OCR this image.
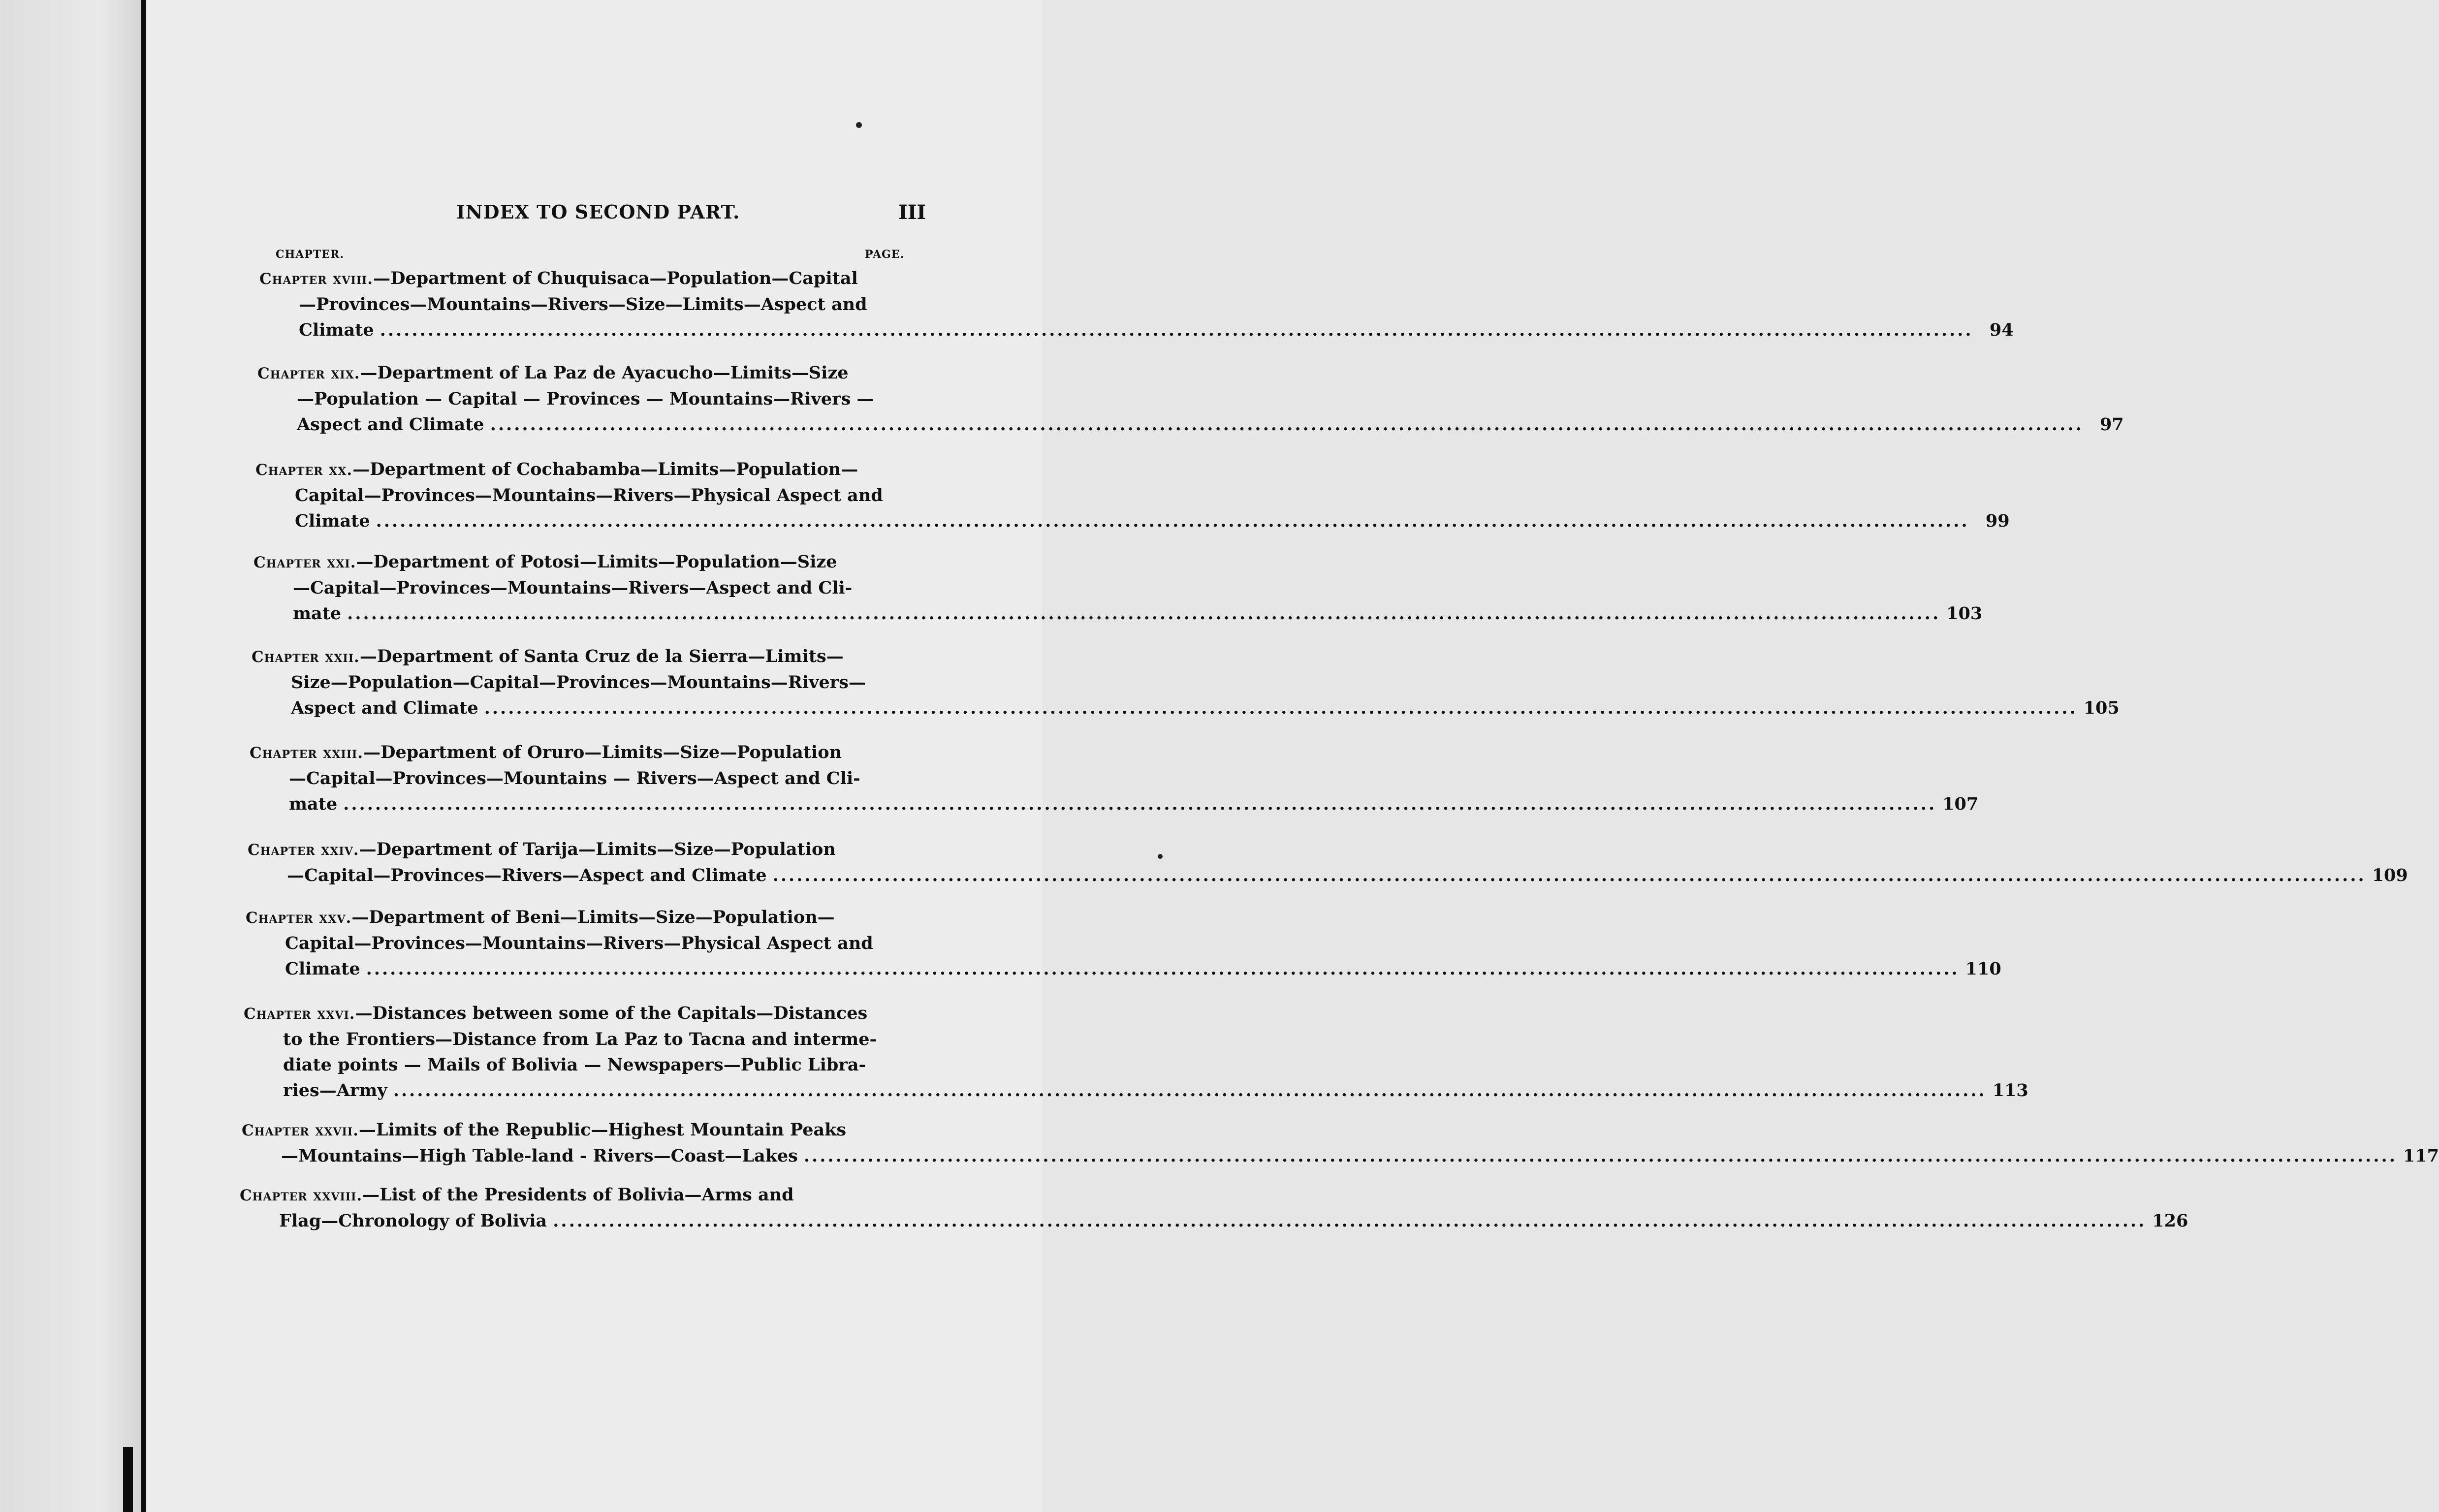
INDEX TO SECOND PART.	III
CHAPTER.	PAGE.
Chapter xviii.—Department of Chuquisaca—Population—Capital
—Provinces—Mountains—Rivers—Size—Limits—Aspect and
Climate ........................................................................................................................................................................................................ 94
Chapter xix.—Department of La Paz de Ayacucho—Limits—Size
—Population — Capital — Provinces — Mountains—Rivers —
Aspect and Climate ........................................................................................................................................................................................................ 97
Chapter xx.—Department of Cochabamba—Limits—Population—
Capital—Provinces—Mountains—Rivers—Physical Aspect and
Climate ........................................................................................................................................................................................................ 99
Chapter xxi.—Department of Potosi—Limits—Population—Size
—Capital—Provinces—Mountains—Rivers—Aspect and Cli-
mate ........................................................................................................................................................................................................ 103
Chapter xxii.—Department of Santa Cruz de la Sierra—Limits—
Size—Population—Capital—Provinces—Mountains—Rivers—
Aspect and Climate ........................................................................................................................................................................................................ 105
Chapter xxiii.—Department of Oruro—Limits—Size—Population
—Capital—Provinces—Mountains — Rivers—Aspect and Cli-
mate ........................................................................................................................................................................................................ 107
Chapter xxiv.—Department of Tarija—Limits—Size—Population
—Capital—Provinces—Rivers—Aspect and Climate ........................................................................................................................................................................................................ 109
Chapter xxv.—Department of Beni—Limits—Size—Population—
Capital—Provinces—Mountains—Rivers—Physical Aspect and
Climate ........................................................................................................................................................................................................ 110
Chapter xxvi.—Distances between some of the Capitals—Distances
to the Frontiers—Distance from La Paz to Tacna and interme-
diate points — Mails of Bolivia — Newspapers—Public Libra-
ries—Army ........................................................................................................................................................................................................ 113
Chapter xxvii.—Limits of the Republic—Highest Mountain Peaks
—Mountains—High Table-land - Rivers—Coast—Lakes ........................................................................................................................................................................................................ 117
Chapter xxviii.—List of the Presidents of Bolivia—Arms and
Flag—Chronology of Bolivia ........................................................................................................................................................................................................ 126
